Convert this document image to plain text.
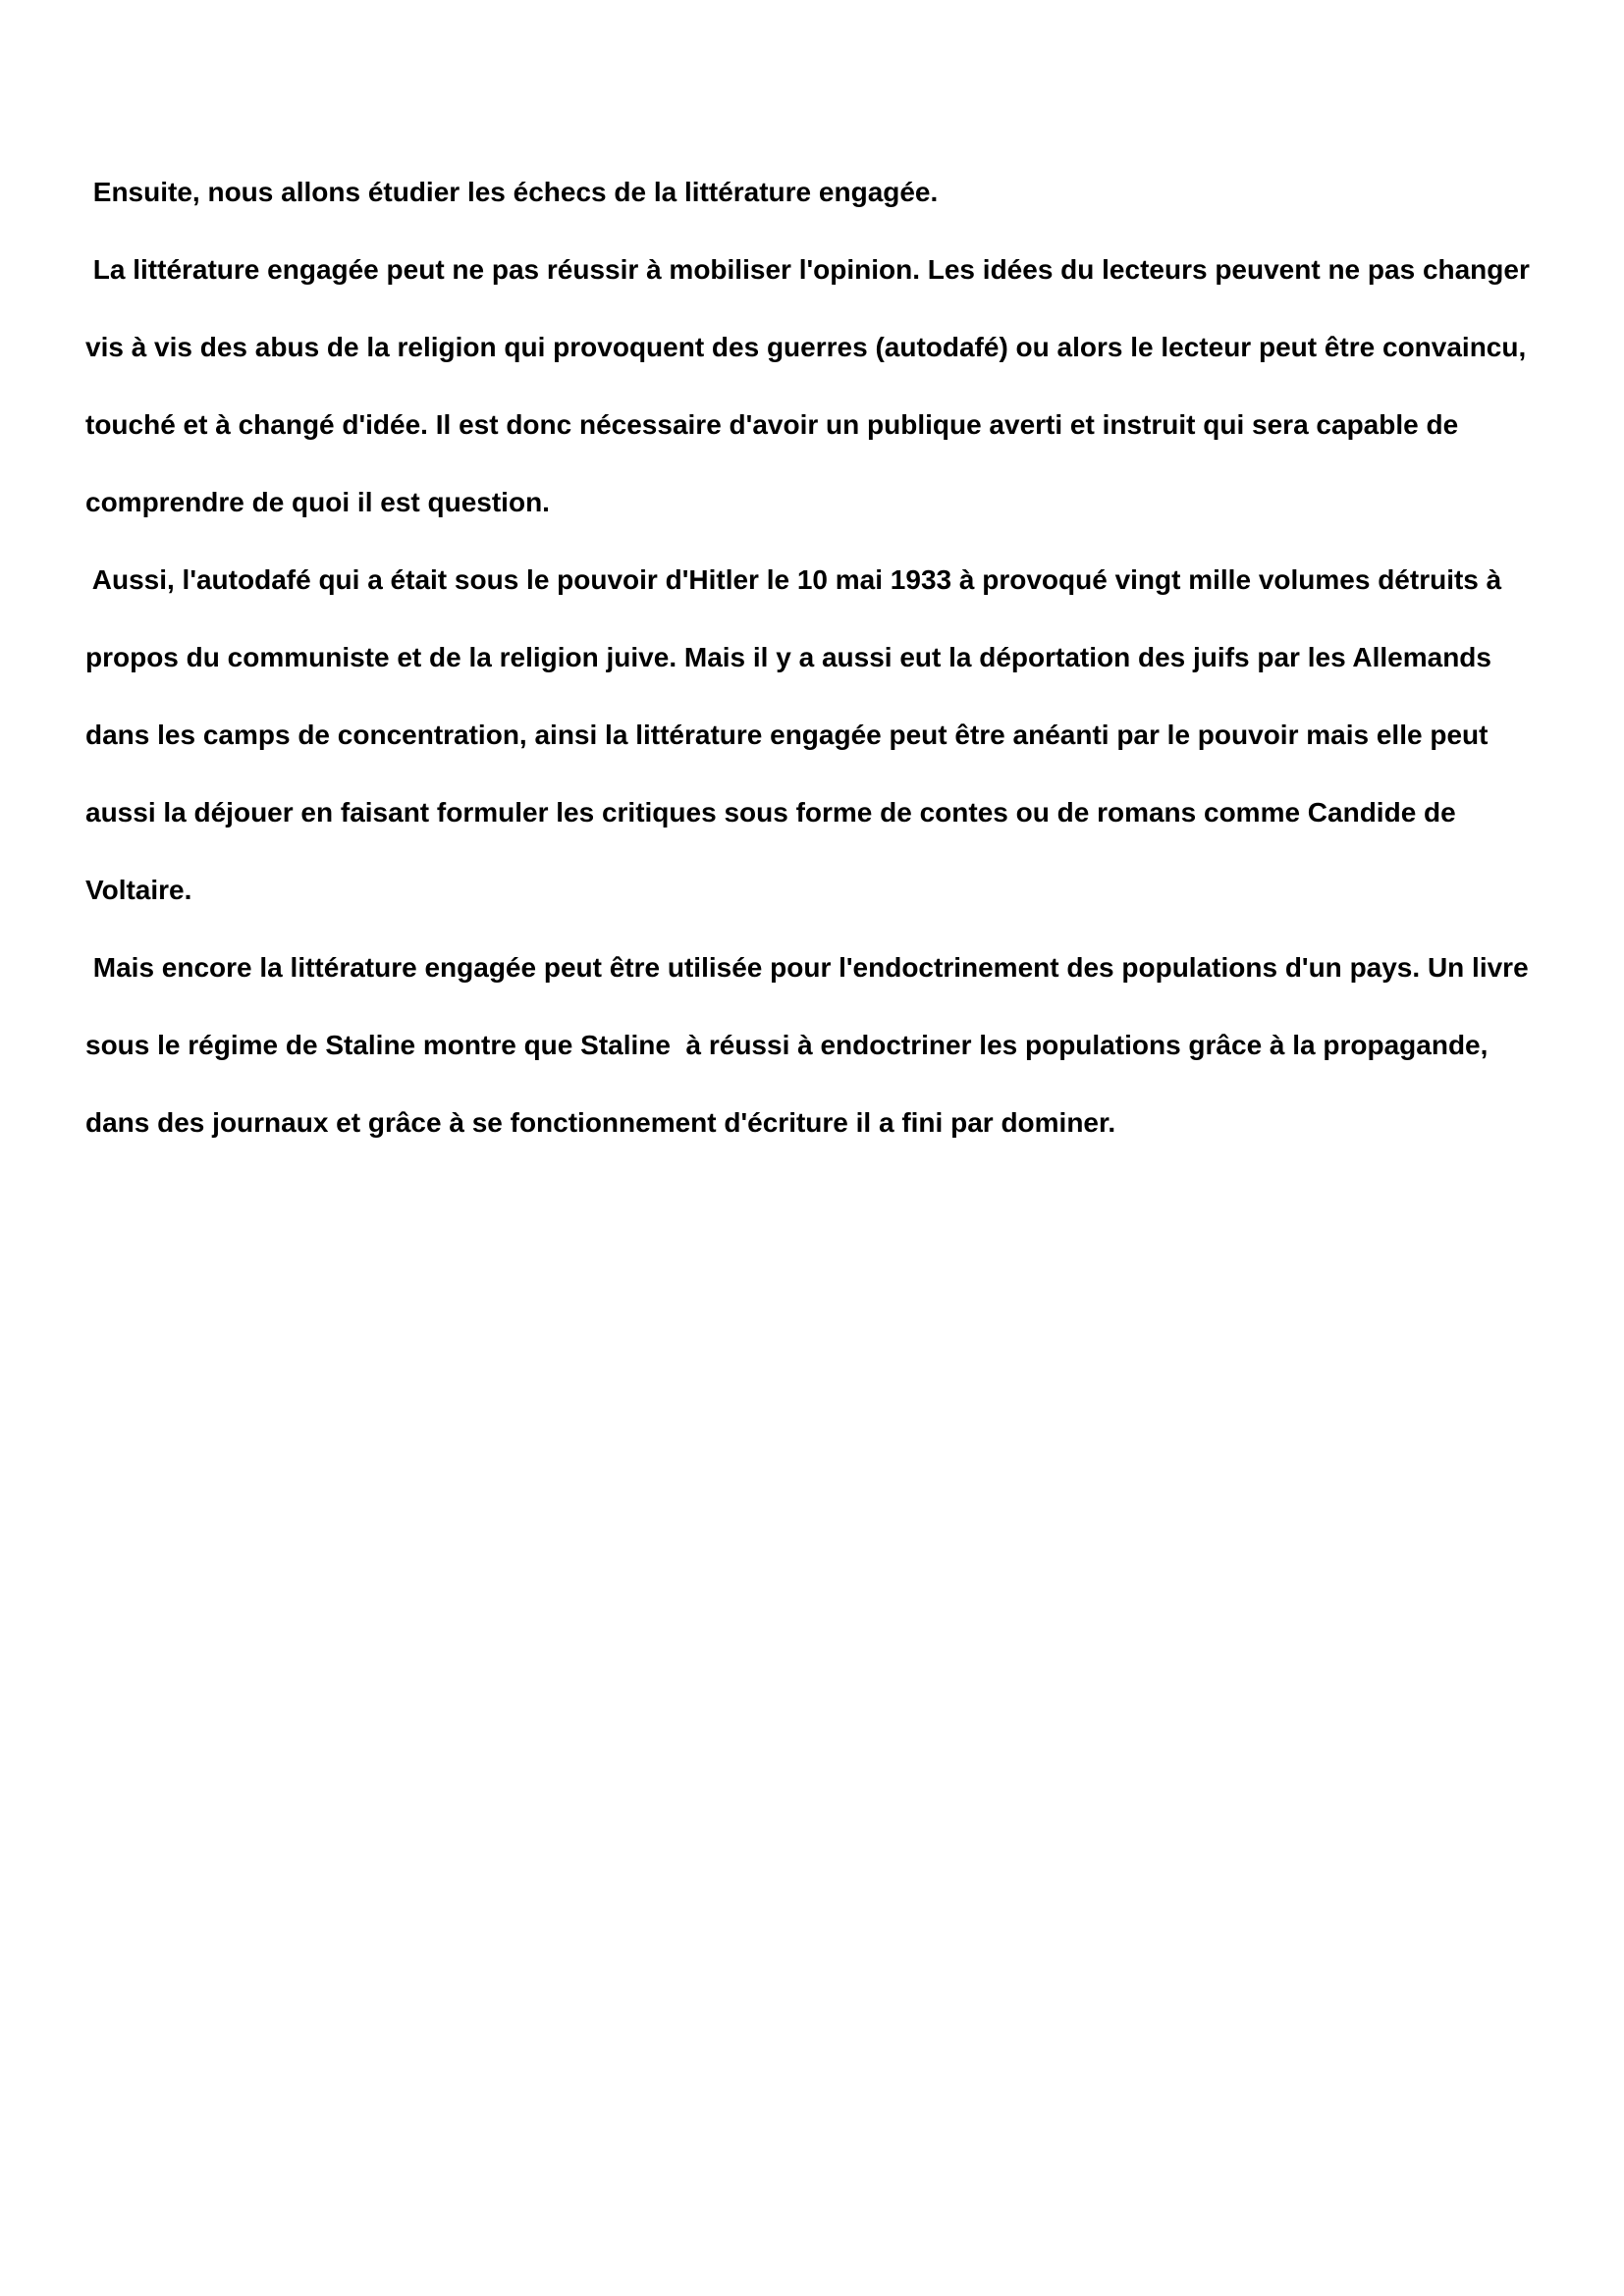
Ensuite, nous allons étudier les échecs de la littérature engagée.
La littérature engagée peut ne pas réussir à mobiliser l'opinion. Les idées du lecteurs peuvent ne pas changer
vis à vis des abus de la religion qui provoquent des guerres (autodafé) ou alors le lecteur peut être convaincu,
touché et à changé d'idée. Il est donc nécessaire d'avoir un publique averti et instruit qui sera capable de
comprendre de quoi il est question.
Aussi, l'autodafé qui a était sous le pouvoir d'Hitler le 10 mai 1933 à provoqué vingt mille volumes détruits à
propos du communiste et de la religion juive. Mais il y a aussi eut la déportation des juifs par les Allemands
dans les camps de concentration, ainsi la littérature engagée peut être anéanti par le pouvoir mais elle peut
aussi la déjouer en faisant formuler les critiques sous forme de contes ou de romans comme Candide de
Voltaire.
Mais encore la littérature engagée peut être utilisée pour l'endoctrinement des populations d'un pays. Un livre
sous le régime de Staline montre que Staline  à réussi à endoctriner les populations grâce à la propagande,
dans des journaux et grâce à se fonctionnement d'écriture il a fini par dominer.
